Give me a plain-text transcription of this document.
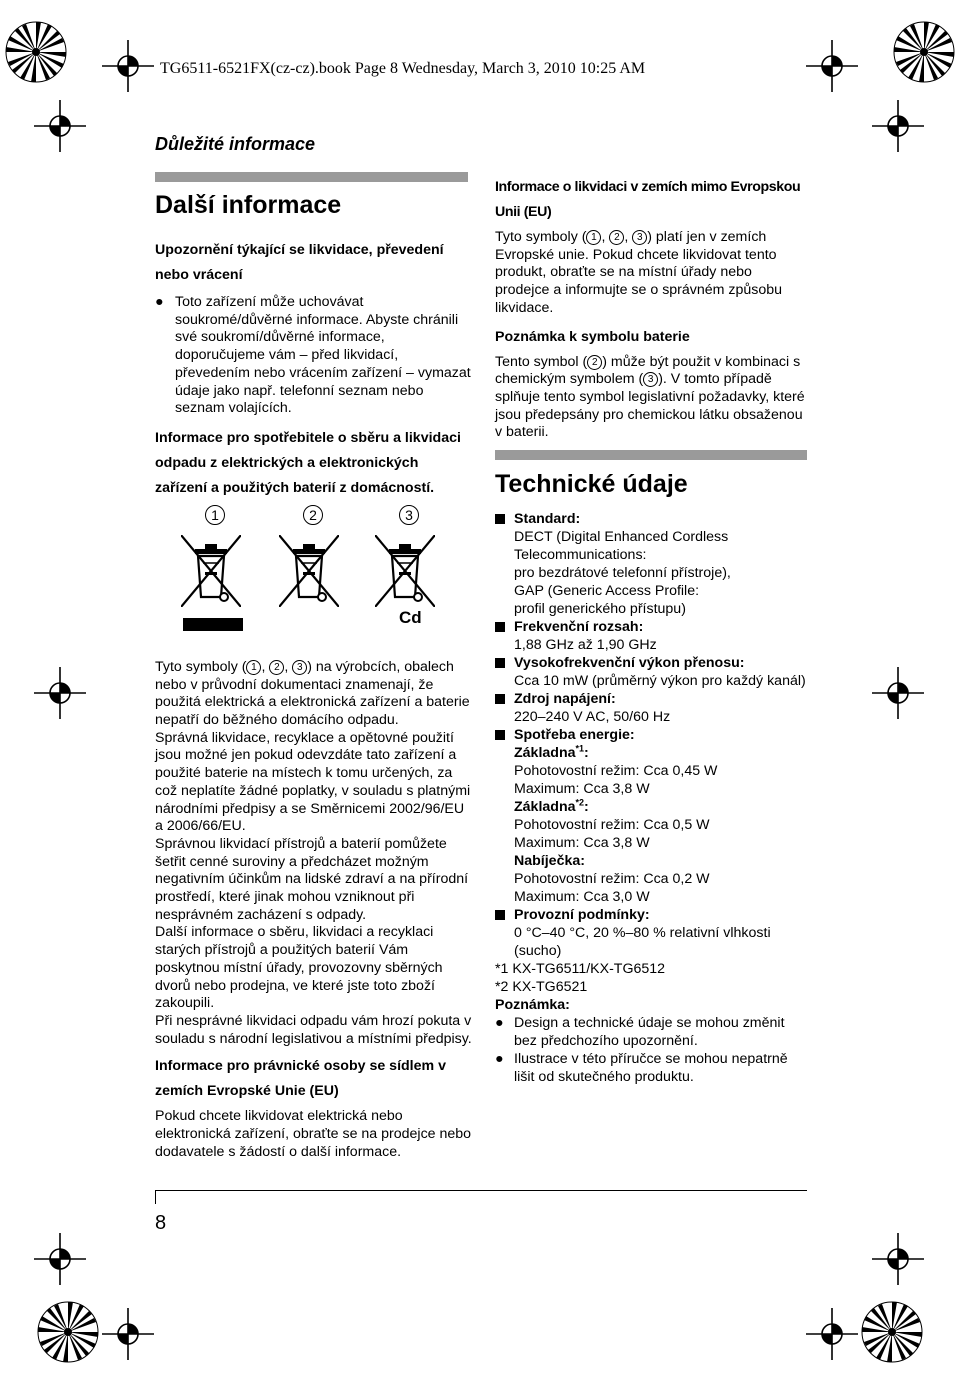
TG6511-6521FX(cz-cz).book Page 8 Wednesday, March 3, 2010 10:25 AM
Důležité informace
Další informace
Upozornění týkající se likvidace, převedení nebo vrácení
● Toto zařízení může uchovávat soukromé/důvěrné informace. Abyste chránili své soukromí/důvěrné informace, doporučujeme vám – před likvidací, převedením nebo vrácením zařízení – vymazat údaje jako např. telefonní seznam nebo seznam volajících.
Informace pro spotřebitele o sběru a likvidaci odpadu z elektrických a elektronických zařízení a použitých baterií z domácností.
1	2	3
Cd
Tyto symboly ( 1 , 2 , 3 ) na výrobcích, obalech nebo v průvodní dokumentaci znamenají, že použitá elektrická a elektronická zařízení a baterie nepatří do běžného domácího odpadu.
Správná likvidace, recyklace a opětovné použití jsou možné jen pokud odevzdáte tato zařízení a použité baterie na místech k tomu určených, za což neplatíte žádné poplatky, v souladu s platnými národními předpisy a se Směrnicemi 2002/96/EU a 2006/66/EU.
Správnou likvidací přístrojů a baterií pomůžete šetřit cenné suroviny a předcházet možným negativním účinkům na lidské zdraví a na přírodní prostředí, které jinak mohou vzniknout při nesprávném zacházení s odpady.
Další informace o sběru, likvidaci a recyklaci starých přístrojů a použitých baterií Vám poskytnou místní úřady, provozovny sběrných dvorů nebo prodejna, ve které jste toto zboží zakoupili.
Při nesprávné likvidaci odpadu vám hrozí pokuta v souladu s národní legislativou a místními předpisy.
Informace pro právnické osoby se sídlem v zemích Evropské Unie (EU)
Pokud chcete likvidovat elektrická nebo elektronická zařízení, obraťte se na prodejce nebo dodavatele s žádostí o další informace.
Informace o likvidaci v zemích mimo Evropskou Unii (EU)
Tyto symboly ( 1 , 2 , 3 ) platí jen v zemích Evropské unie. Pokud chcete likvidovat tento produkt, obraťte se na místní úřady nebo prodejce a informujte se o správném způsobu likvidace.
Poznámka k symbolu baterie
Tento symbol ( 2 ) může být použit v kombinaci s chemickým symbolem ( 3 ). V tomto případě splňuje tento symbol legislativní požadavky, které jsou předepsány pro chemickou látku obsaženou v baterii.
Technické údaje
Standard:
DECT (Digital Enhanced Cordless
Telecommunications:
pro bezdrátové telefonní přístroje),
GAP (Generic Access Profile:
profil generického přístupu)
Frekvenční rozsah:
1,88 GHz až 1,90 GHz
Vysokofrekvenční výkon přenosu:
Cca 10 mW (průměrný výkon pro každý kanál)
Zdroj napájení:
220–240 V AC, 50/60 Hz
Spotřeba energie:
Základna$^{*1}$:
Pohotovostní režim: Cca 0,45 W
Maximum: Cca 3,8 W
Základna$^{*2}$:
Pohotovostní režim: Cca 0,5 W
Maximum: Cca 3,8 W
Nabíječka:
Pohotovostní režim: Cca 0,2 W
Maximum: Cca 3,0 W
Provozní podmínky:
0 °C–40 °C, 20 %–80 % relativní vlhkosti (sucho)
*1 KX-TG6511/KX-TG6512
*2 KX-TG6521
Poznámka:
● Design a technické údaje se mohou změnit bez předchozího upozornění.
● Ilustrace v této příručce se mohou nepatrně lišit od skutečného produktu.
8
